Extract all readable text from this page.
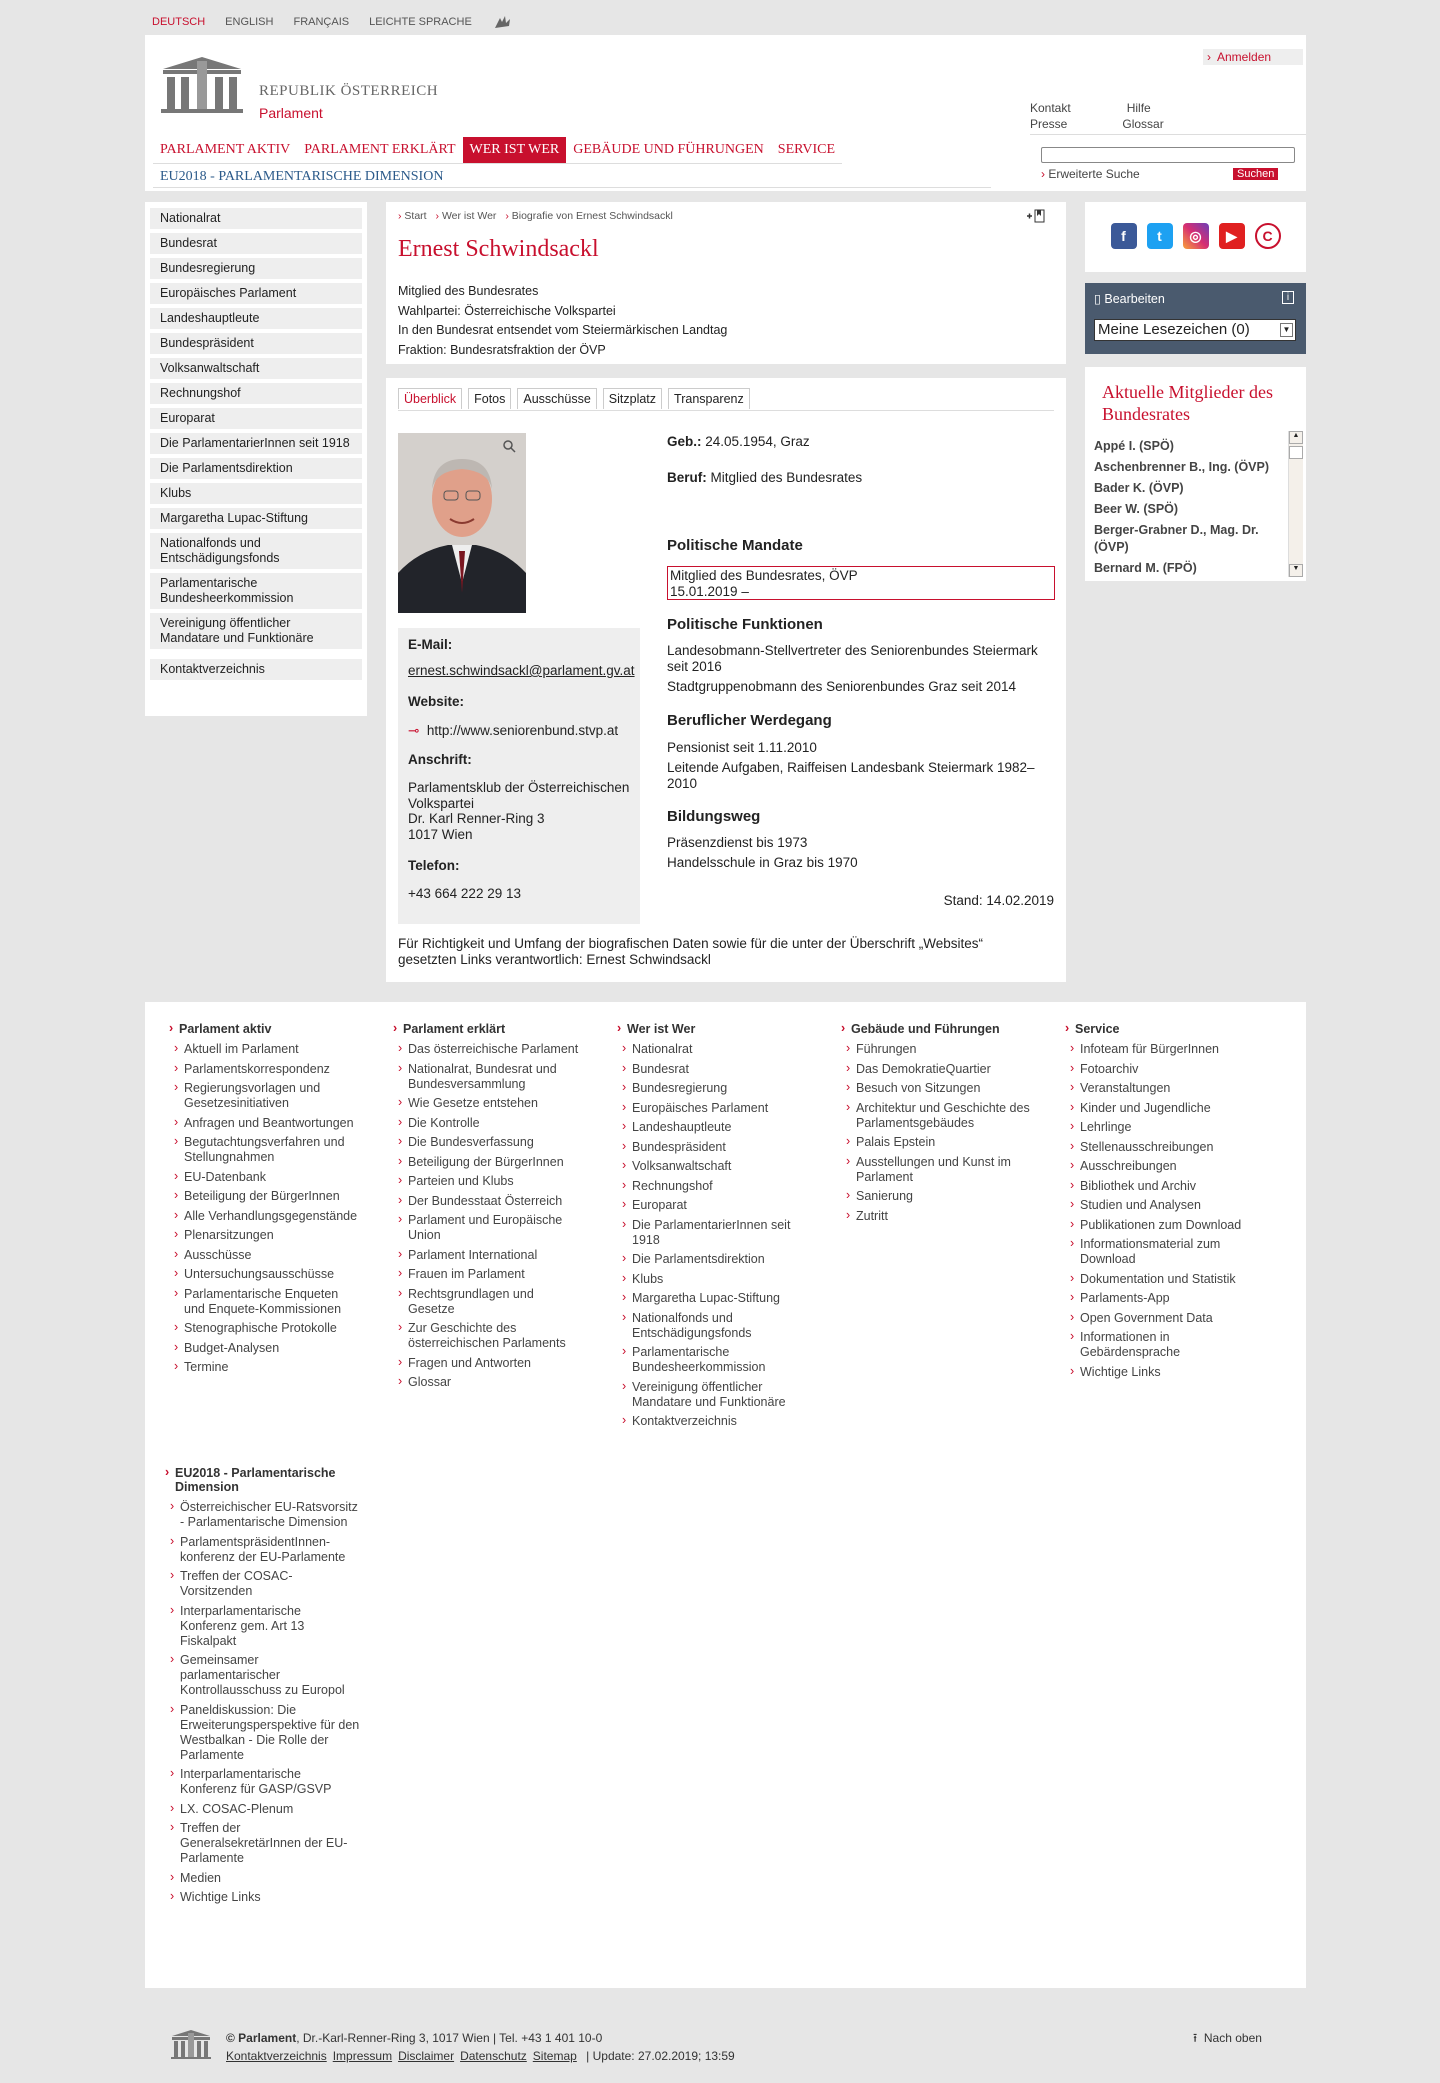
DEUTSCH ENGLISH FRANÇAIS LEICHTE SPRACHE
REPUBLIK ÖSTERREICH
Parlament
› Anmelden
Kontakt	Hilfe
Presse	Glossar
› Erweiterte Suche	Suchen
PARLAMENT AKTIV	PARLAMENT ERKLÄRT	WER IST WER	GEBÄUDE UND FÜHRUNGEN	SERVICE
EU2018 - PARLAMENTARISCHE DIMENSION
Nationalrat
Bundesrat
Bundesregierung
Europäisches Parlament
Landeshauptleute
Bundespräsident
Volksanwaltschaft
Rechnungshof
Europarat
Die ParlamentarierInnen seit 1918
Die Parlamentsdirektion
Klubs
Margaretha Lupac-Stiftung
Nationalfonds und Entschädigungsfonds
Parlamentarische Bundesheerkommission
Vereinigung öffentlicher Mandatare und Funktionäre
Kontaktverzeichnis
› Start › Wer ist Wer › Biografie von Ernest Schwindsackl
Ernest Schwindsackl
Mitglied des Bundesrates
Wahlpartei: Österreichische Volkspartei
In den Bundesrat entsendet vom Steiermärkischen Landtag
Fraktion: Bundesratsfraktion der ÖVP
Überblick	Fotos	Ausschüsse	Sitzplatz	Transparenz
E-Mail:
ernest.schwindsackl@parlament.gv.at
Website:
⊸ http://www.seniorenbund.stvp.at
Anschrift:
Parlamentsklub der Österreichischen Volkspartei
Dr. Karl Renner-Ring 3
1017 Wien
Telefon:
+43 664 222 29 13
Geb.: 24.05.1954, Graz
Beruf: Mitglied des Bundesrates
Politische Mandate
Mitglied des Bundesrates, ÖVP
15.01.2019 –
Politische Funktionen
Landesobmann-Stellvertreter des Seniorenbundes Steiermark seit 2016
Stadtgruppenobmann des Seniorenbundes Graz seit 2014
Beruflicher Werdegang
Pensionist seit 1.11.2010
Leitende Aufgaben, Raiffeisen Landesbank Steiermark 1982–2010
Bildungsweg
Präsenzdienst bis 1973
Handelsschule in Graz bis 1970
Stand: 14.02.2019
Für Richtigkeit und Umfang der biografischen Daten sowie für die unter der Überschrift „Websites“ gesetzten Links verantwortlich: Ernest Schwindsackl
f	t	◎	▶	C
▯ Bearbeiten	i
Meine Lesezeichen (0)	▼
Aktuelle Mitglieder des Bundesrates
Appé I. (SPÖ)
Aschenbrenner B., Ing. (ÖVP)
Bader K. (ÖVP)
Beer W. (SPÖ)
Berger-Grabner D., Mag. Dr. (ÖVP)
Bernard M. (FPÖ)
▲
▼
› Parlament aktiv
› Aktuell im Parlament
› Parlamentskorrespondenz
› Regierungsvorlagen und Gesetzesinitiativen
› Anfragen und Beantwortungen
› Begutachtungsverfahren und Stellungnahmen
› EU-Datenbank
› Beteiligung der BürgerInnen
› Alle Verhandlungsgegenstände
› Plenarsitzungen
› Ausschüsse
› Untersuchungsausschüsse
› Parlamentarische Enqueten und Enquete-Kommissionen
› Stenographische Protokolle
› Budget-Analysen
› Termine
› Parlament erklärt
› Das österreichische Parlament
› Nationalrat, Bundesrat und Bundesversammlung
› Wie Gesetze entstehen
› Die Kontrolle
› Die Bundesverfassung
› Beteiligung der BürgerInnen
› Parteien und Klubs
› Der Bundesstaat Österreich
› Parlament und Europäische Union
› Parlament International
› Frauen im Parlament
› Rechtsgrundlagen und Gesetze
› Zur Geschichte des österreichischen Parlaments
› Fragen und Antworten
› Glossar
› Wer ist Wer
› Nationalrat
› Bundesrat
› Bundesregierung
› Europäisches Parlament
› Landeshauptleute
› Bundespräsident
› Volksanwaltschaft
› Rechnungshof
› Europarat
› Die ParlamentarierInnen seit 1918
› Die Parlamentsdirektion
› Klubs
› Margaretha Lupac-Stiftung
› Nationalfonds und Entschädigungsfonds
› Parlamentarische Bundesheerkommission
› Vereinigung öffentlicher Mandatare und Funktionäre
› Kontaktverzeichnis
› Gebäude und Führungen
› Führungen
› Das DemokratieQuartier
› Besuch von Sitzungen
› Architektur und Geschichte des Parlamentsgebäudes
› Palais Epstein
› Ausstellungen und Kunst im Parlament
› Sanierung
› Zutritt
› Service
› Infoteam für BürgerInnen
› Fotoarchiv
› Veranstaltungen
› Kinder und Jugendliche
› Lehrlinge
› Stellenausschreibungen
› Ausschreibungen
› Bibliothek und Archiv
› Studien und Analysen
› Publikationen zum Download
› Informationsmaterial zum Download
› Dokumentation und Statistik
› Parlaments-App
› Open Government Data
› Informationen in Gebärdensprache
› Wichtige Links
› EU2018 - Parlamentarische Dimension
› Österreichischer EU-Ratsvorsitz - Parlamentarische Dimension
› ParlamentspräsidentInnen-konferenz der EU-Parlamente
› Treffen der COSAC-Vorsitzenden
› Interparlamentarische Konferenz gem. Art 13 Fiskalpakt
› Gemeinsamer parlamentarischer Kontrollausschuss zu Europol
› Paneldiskussion: Die Erweiterungsperspektive für den Westbalkan - Die Rolle der Parlamente
› Interparlamentarische Konferenz für GASP/GSVP
› LX. COSAC-Plenum
› Treffen der GeneralsekretärInnen der EU-Parlamente
› Medien
› Wichtige Links
© Parlament, Dr.-Karl-Renner-Ring 3, 1017 Wien | Tel. +43 1 401 10-0
Kontaktverzeichnis Impressum Disclaimer Datenschutz Sitemap | Update: 27.02.2019; 13:59
⭱ Nach oben
